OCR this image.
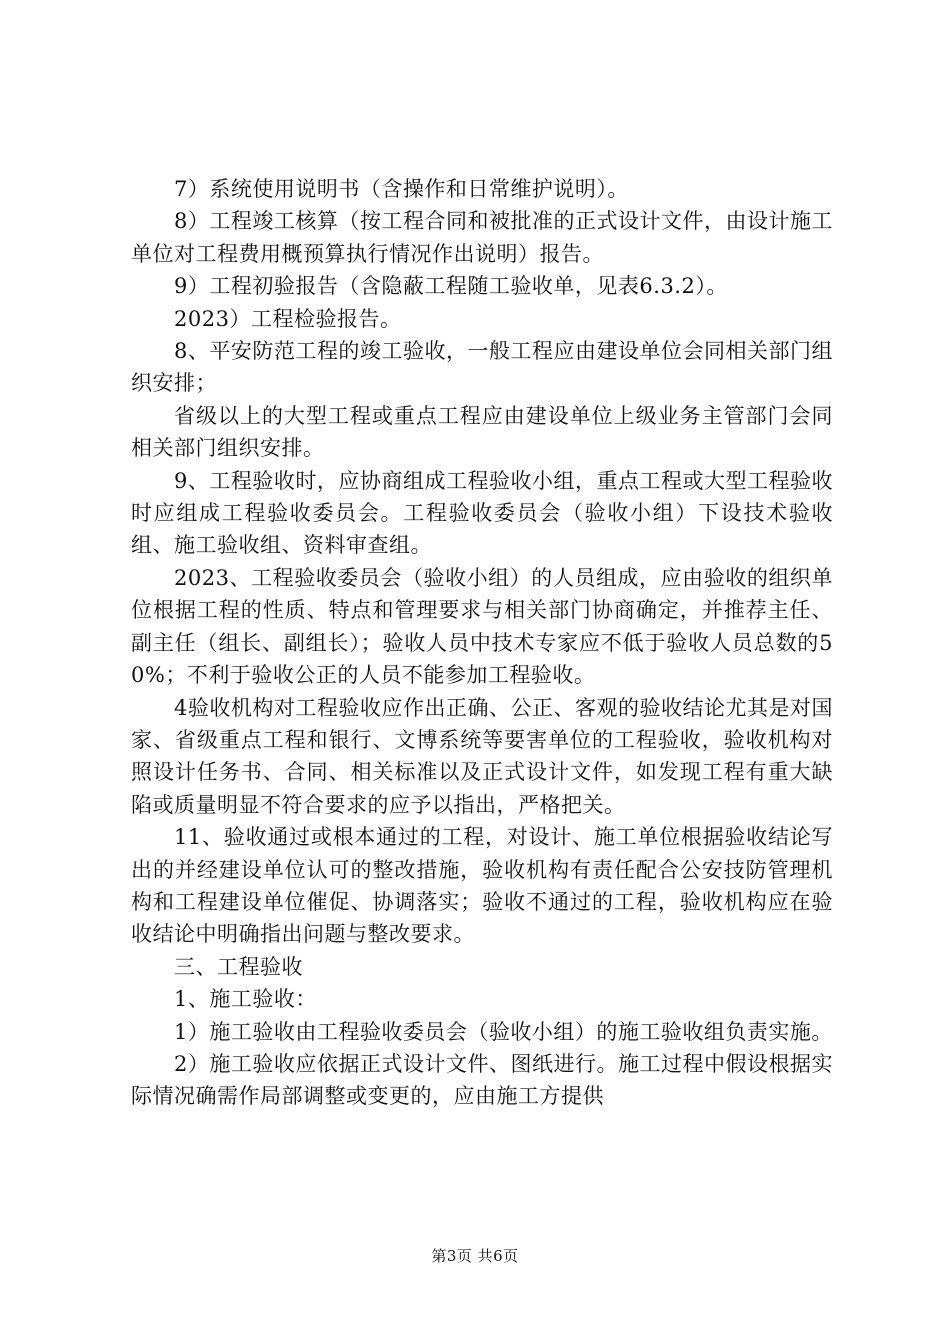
7）系统使用说明书（含操作和日常维护说明）。

8）工程竣工核算（按工程合同和被批准的正式设计文件，由设计施工单位对工程费用概预算执行情况作出说明）报告。

9）工程初验报告（含隐蔽工程随工验收单，见表6.3.2）。

2023）工程检验报告。

8、平安防范工程的竣工验收，一般工程应由建设单位会同相关部门组织安排；

省级以上的大型工程或重点工程应由建设单位上级业务主管部门会同相关部门组织安排。

9、工程验收时，应协商组成工程验收小组，重点工程或大型工程验收时应组成工程验收委员会。工程验收委员会（验收小组）下设技术验收组、施工验收组、资料审查组。

2023、工程验收委员会（验收小组）的人员组成，应由验收的组织单位根据工程的性质、特点和管理要求与相关部门协商确定，并推荐主任、副主任（组长、副组长）；验收人员中技术专家应不低于验收人员总数的50%；不利于验收公正的人员不能参加工程验收。

4验收机构对工程验收应作出正确、公正、客观的验收结论尤其是对国家、省级重点工程和银行、文博系统等要害单位的工程验收，验收机构对照设计任务书、合同、相关标准以及正式设计文件，如发现工程有重大缺陷或质量明显不符合要求的应予以指出，严格把关。

11、验收通过或根本通过的工程，对设计、施工单位根据验收结论写出的并经建设单位认可的整改措施，验收机构有责任配合公安技防管理机构和工程建设单位催促、协调落实；验收不通过的工程，验收机构应在验收结论中明确指出问题与整改要求。

三、工程验收

1、施工验收：

1）施工验收由工程验收委员会（验收小组）的施工验收组负责实施。

2）施工验收应依据正式设计文件、图纸进行。施工过程中假设根据实际情况确需作局部调整或变更的，应由施工方提供

第3页 共6页
